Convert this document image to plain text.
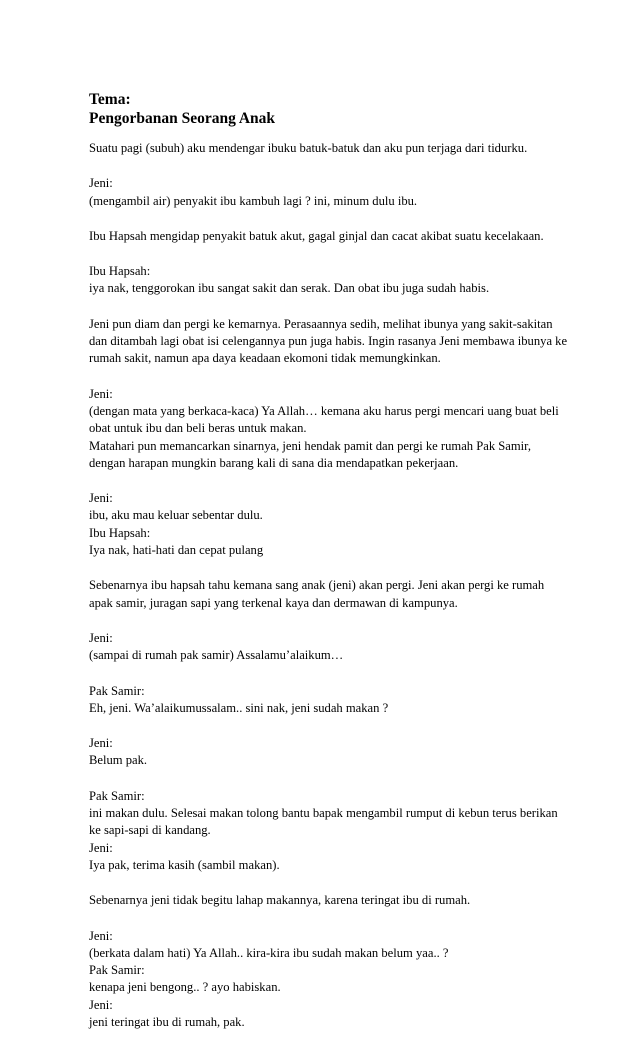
Tema:
Pengorbanan Seorang Anak
Suatu pagi (subuh) aku mendengar ibuku batuk-batuk dan aku pun terjaga dari tidurku.
Jeni:
(mengambil air) penyakit ibu kambuh lagi ? ini, minum dulu ibu.
Ibu Hapsah mengidap penyakit batuk akut, gagal ginjal dan cacat akibat suatu kecelakaan.
Ibu Hapsah:
iya nak, tenggorokan ibu sangat sakit dan serak. Dan obat ibu juga sudah habis.
Jeni pun diam dan pergi ke kemarnya. Perasaannya sedih, melihat ibunya yang sakit-sakitan
dan ditambah lagi obat isi celengannya pun juga habis. Ingin rasanya Jeni membawa ibunya ke
rumah sakit, namun apa daya keadaan ekomoni tidak memungkinkan.
Jeni:
(dengan mata yang berkaca-kaca) Ya Allah… kemana aku harus pergi mencari uang buat beli
obat untuk ibu dan beli beras untuk makan.
Matahari pun memancarkan sinarnya, jeni hendak pamit dan pergi ke rumah Pak Samir,
dengan harapan mungkin barang kali di sana dia mendapatkan pekerjaan.
Jeni:
ibu, aku mau keluar sebentar dulu.
Ibu Hapsah:
Iya nak, hati-hati dan cepat pulang
Sebenarnya ibu hapsah tahu kemana sang anak (jeni) akan pergi. Jeni akan pergi ke rumah
apak samir, juragan sapi yang terkenal kaya dan dermawan di kampunya.
Jeni:
(sampai di rumah pak samir) Assalamu’alaikum…
Pak Samir:
Eh, jeni. Wa’alaikumussalam.. sini nak, jeni sudah makan ?
Jeni:
Belum pak.
Pak Samir:
ini makan dulu. Selesai makan tolong bantu bapak mengambil rumput di kebun terus berikan
ke sapi-sapi di kandang.
Jeni:
Iya pak, terima kasih (sambil makan).
Sebenarnya jeni tidak begitu lahap makannya, karena teringat ibu di rumah.
Jeni:
(berkata dalam hati) Ya Allah.. kira-kira ibu sudah makan belum yaa.. ?
Pak Samir:
kenapa jeni bengong.. ? ayo habiskan.
Jeni:
jeni teringat ibu di rumah, pak.
